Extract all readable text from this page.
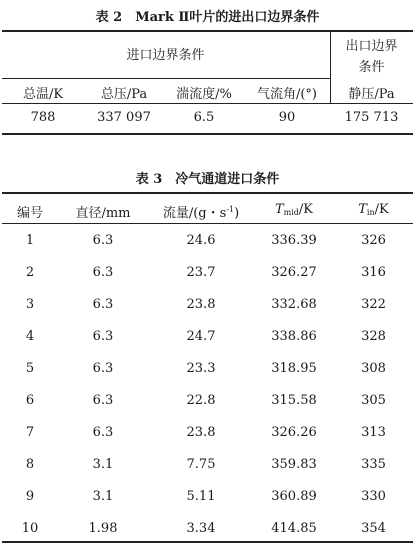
表 2　Mark Ⅱ叶片的进出口边界条件
进口边界条件
出口边界
条件
总温/K	总压/Pa	湍流度/%	气流角/(°)	静压/Pa
788	337 097	6.5	90	175 713
表 3　冷气通道进口条件
编号	直径/mm	流量/(g・$s^{-1}$)	$T_{mid}/K$	$T_{in}/K$
1	6.3	24.6	336.39	326
2	6.3	23.7	326.27	316
3	6.3	23.8	332.68	322
4	6.3	24.7	338.86	328
5	6.3	23.3	318.95	308
6	6.3	22.8	315.58	305
7	6.3	23.8	326.26	313
8	3.1	7.75	359.83	335
9	3.1	5.11	360.89	330
10	1.98	3.34	414.85	354
